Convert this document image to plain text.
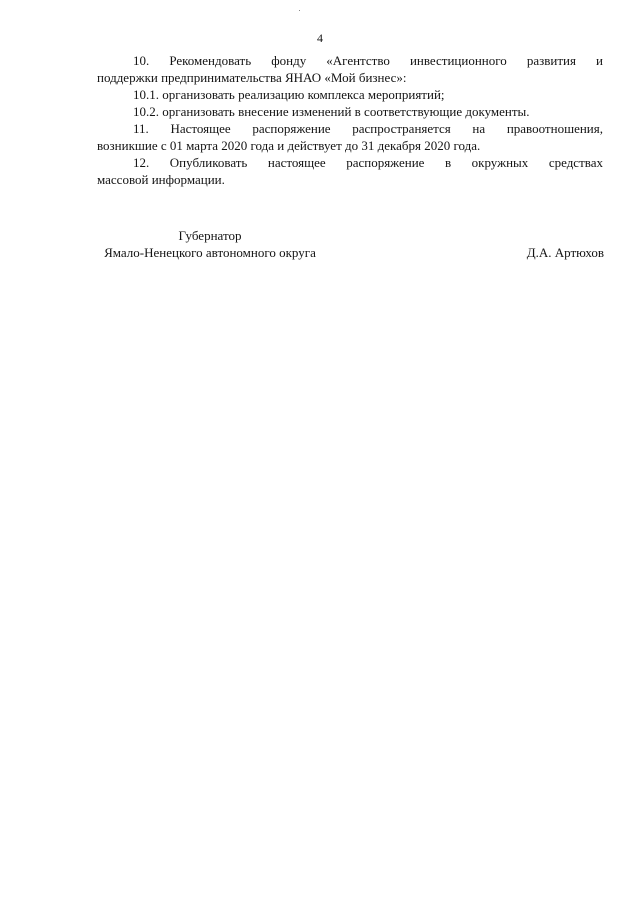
4
10. Рекомендовать фонду «Агентство инвестиционного развития и
поддержки предпринимательства ЯНАО «Мой бизнес»:
10.1. организовать реализацию комплекса мероприятий;
10.2. организовать внесение изменений в соответствующие документы.
11. Настоящее распоряжение распространяется на правоотношения,
возникшие с 01 марта 2020 года и действует до 31 декабря 2020 года.
12. Опубликовать настоящее распоряжение в окружных средствах
массовой информации.
Губернатор
Ямало-Ненецкого автономного округа	Д.А. Артюхов
